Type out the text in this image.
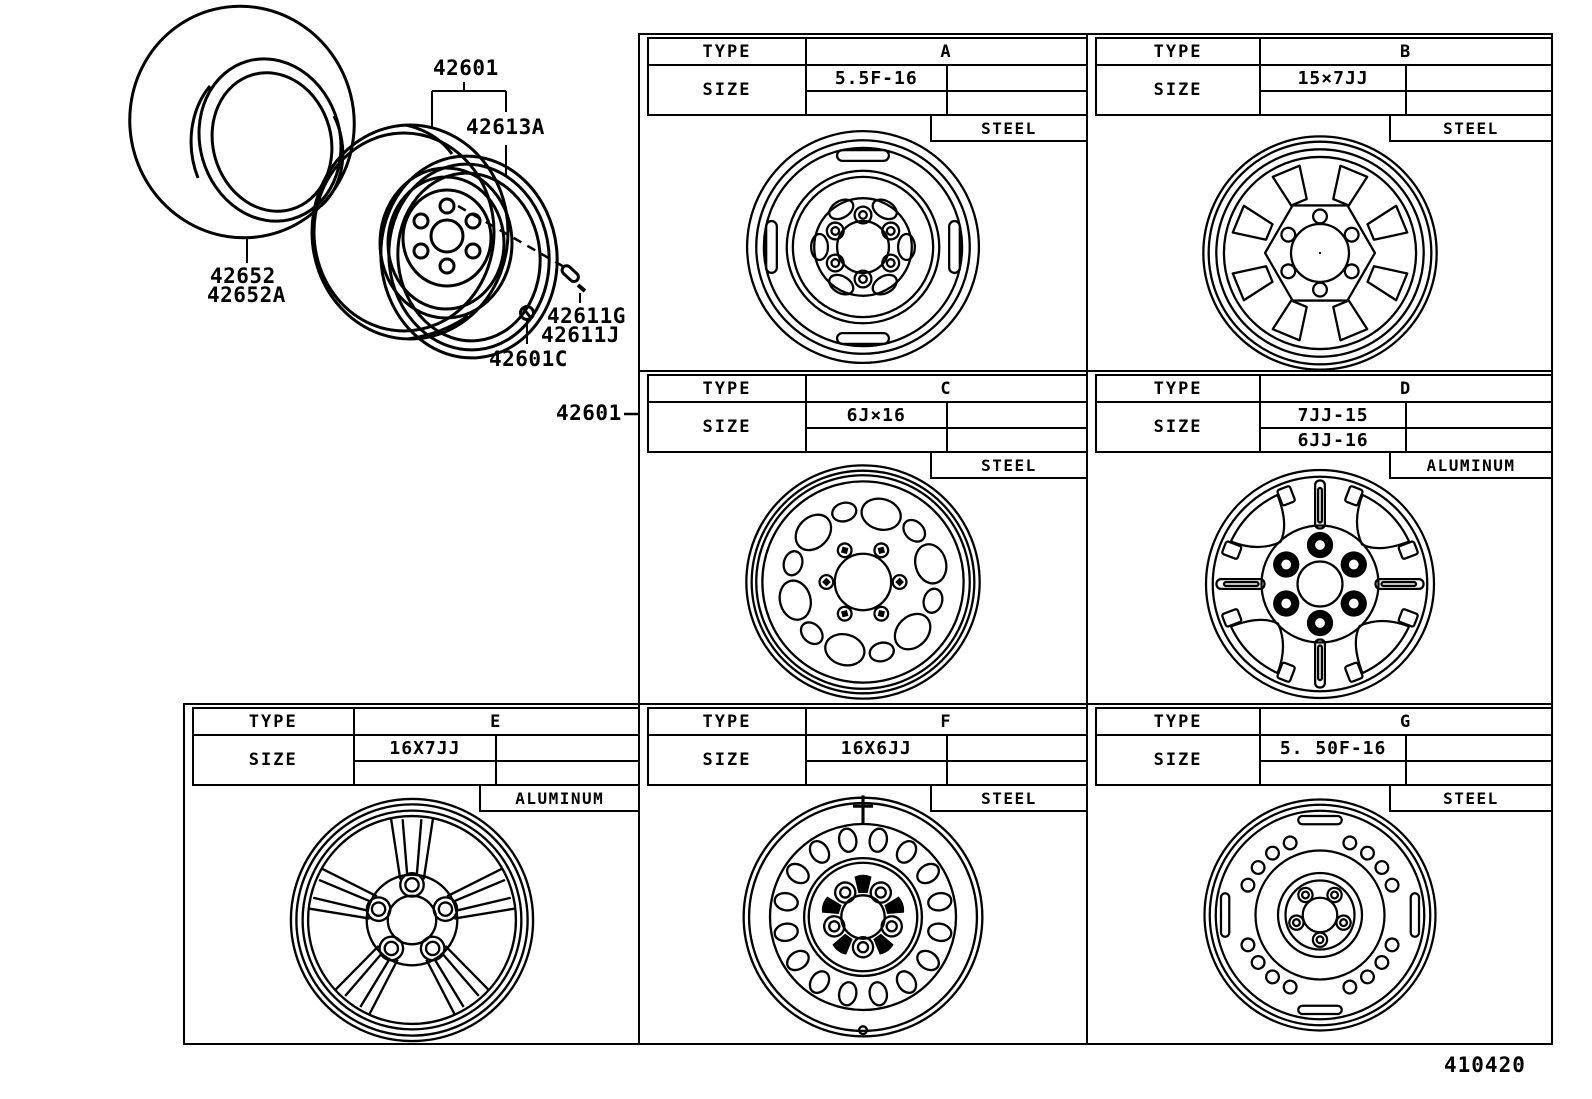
42652
42652A
42601
42613A
42611G
42611J
42601C
42601
TYPE	A	
SIZE	5.5F-16	

STEEL
TYPE	B	
SIZE	15×7JJ	

STEEL
TYPE	C	
SIZE	6J×16	

STEEL
TYPE	D	
SIZE	7JJ-15	
	6JJ-16	
ALUMINUM
TYPE	E	
SIZE	16X7JJ	

ALUMINUM
TYPE	F	
SIZE	16X6JJ	

STEEL
TYPE	G	
SIZE	5. 50F-16	

STEEL
410420
